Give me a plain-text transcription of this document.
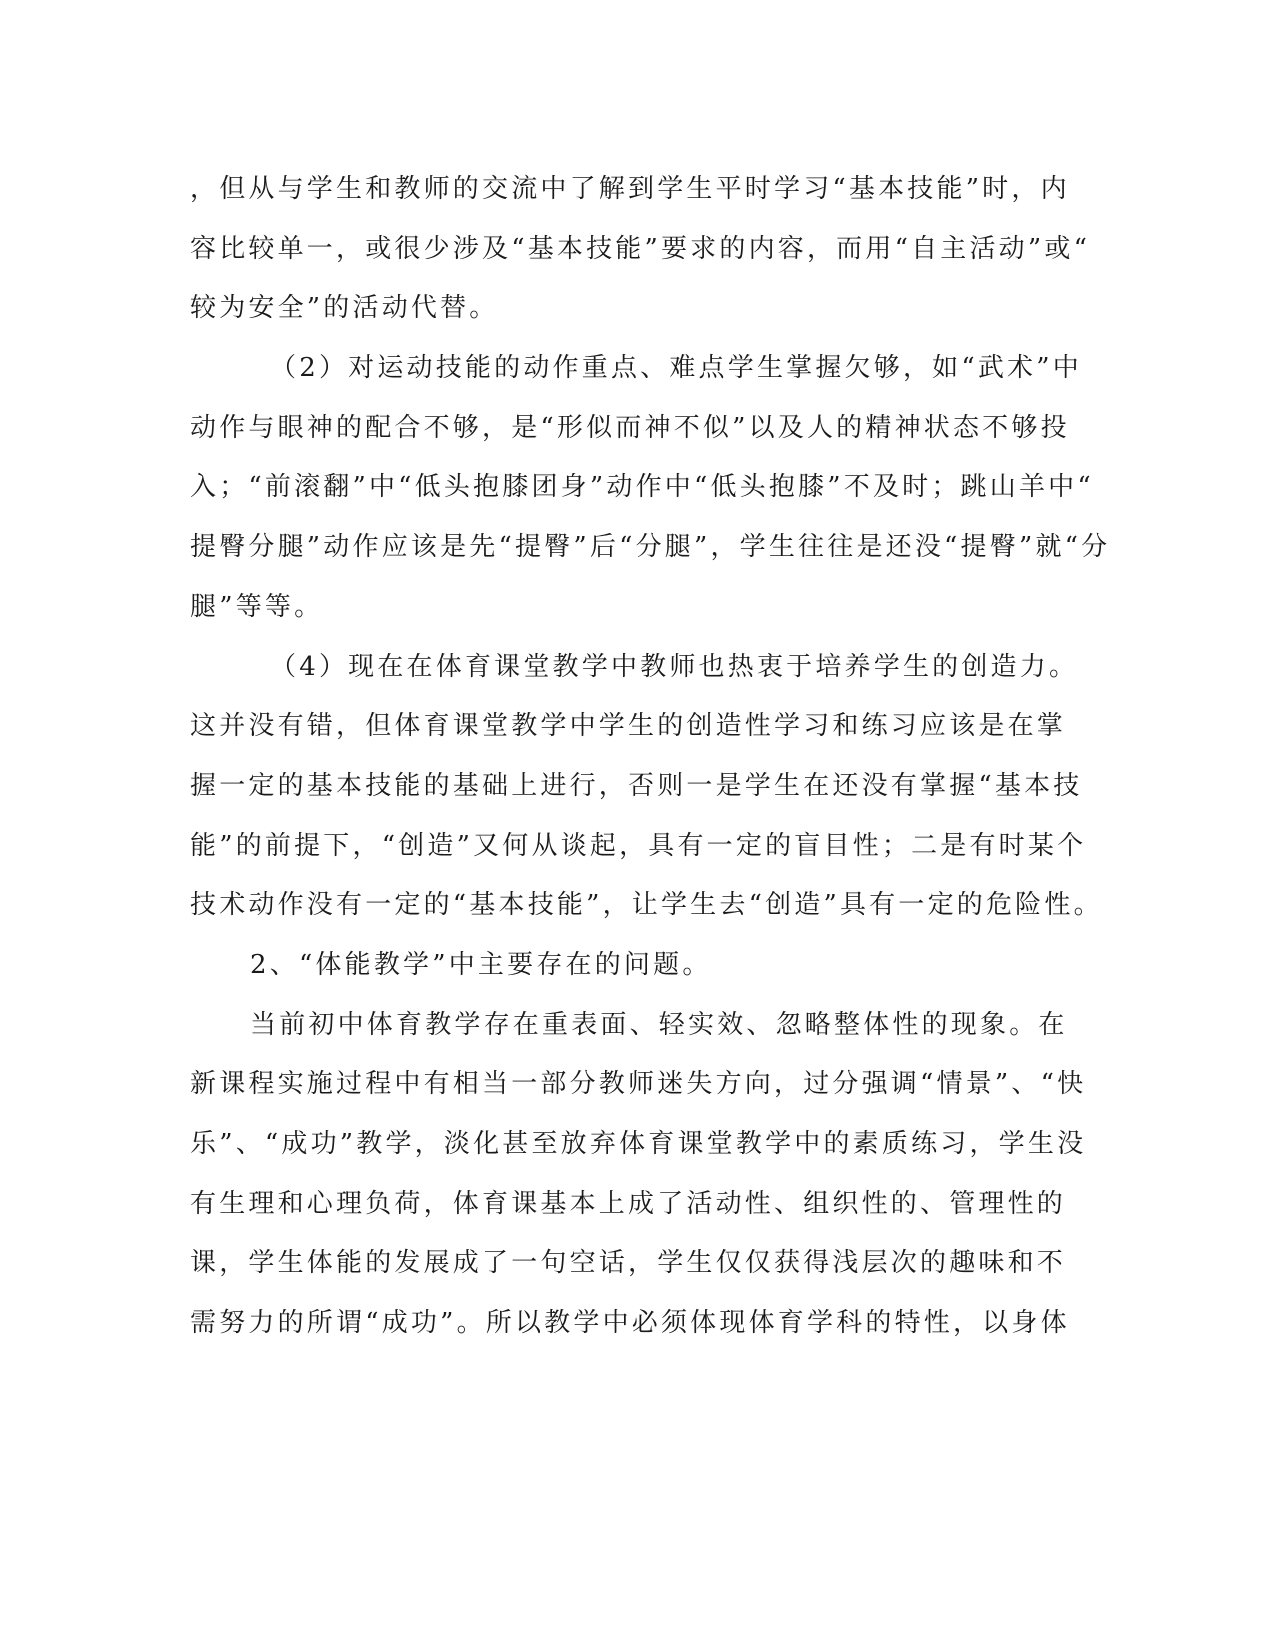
，但从与学生和教师的交流中了解到学生平时学习“基本技能”时，内
容比较单一，或很少涉及“基本技能”要求的内容，而用“自主活动”或“
较为安全”的活动代替。
（2）对运动技能的动作重点、难点学生掌握欠够，如“武术”中
动作与眼神的配合不够，是“形似而神不似”以及人的精神状态不够投
入；“前滚翻”中“低头抱膝团身”动作中“低头抱膝”不及时；跳山羊中“
提臀分腿”动作应该是先“提臀”后“分腿”，学生往往是还没“提臀”就“分
腿”等等。
（4）现在在体育课堂教学中教师也热衷于培养学生的创造力。
这并没有错，但体育课堂教学中学生的创造性学习和练习应该是在掌
握一定的基本技能的基础上进行，否则一是学生在还没有掌握“基本技
能”的前提下，“创造”又何从谈起，具有一定的盲目性；二是有时某个
技术动作没有一定的“基本技能”，让学生去“创造”具有一定的危险性。
2、“体能教学”中主要存在的问题。
当前初中体育教学存在重表面、轻实效、忽略整体性的现象。在
新课程实施过程中有相当一部分教师迷失方向，过分强调“情景”、“快
乐”、“成功”教学，淡化甚至放弃体育课堂教学中的素质练习，学生没
有生理和心理负荷，体育课基本上成了活动性、组织性的、管理性的
课，学生体能的发展成了一句空话，学生仅仅获得浅层次的趣味和不
需努力的所谓“成功”。所以教学中必须体现体育学科的特性，以身体
